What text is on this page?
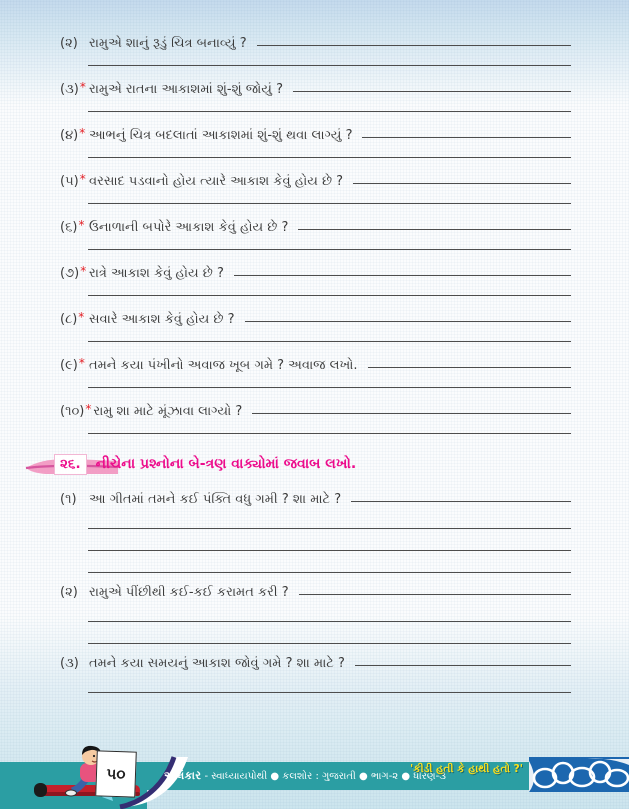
(૨) રામુએ શાનું રૂડું ચિત્ર બનાવ્યું ?
(૩)* રામુએ રાતના આકાશમાં શું-શું જોયું ?
(૪)* આભનું ચિત્ર બદલાતાં આકાશમાં શું-શું થવા લાગ્યું ?
(૫)* વરસાદ પડવાનો હોય ત્યારે આકાશ કેવું હોય છે ?
(૬)* ઉનાળાની બપોરે આકાશ કેવું હોય છે ?
(૭)* રાત્રે આકાશ કેવું હોય છે ?
(૮)* સવારે આકાશ કેવું હોય છે ?
(૯)* તમને કયા પંખીનો અવાજ ખૂબ ગમે ? અવાજ લખો.
(૧૦)* રામુ શા માટે મૂંઝાવા લાગ્યો ?
૨૬.	નીચેના પ્રશ્નોના બે-ત્રણ વાક્યોમાં જવાબ લખો.
(૧) આ ગીતમાં તમને કઈ પંક્તિ વધુ ગમી ? શા માટે ?
(૨) રામુએ પીંછીથી કઈ-કઈ કરામત કરી ?
(૩) તમને કયા સમયનું આકાશ જોવું ગમે ? શા માટે ?
૫૦	અલંકાર - સ્વાધ્યાયપોથી ● કલશોર : ગુજરાતી ● ભાગ-૨ ● ધોરણ-૩
'કીડી હતી કે હાથી હતો ?'
